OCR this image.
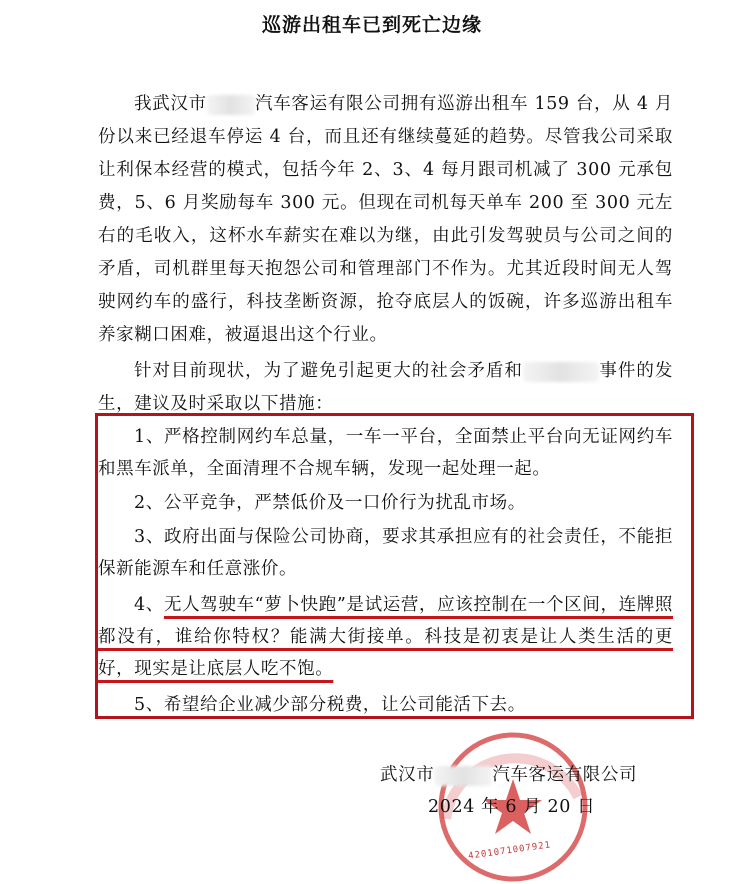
巡游出租车已到死亡边缘
我武汉市	汽车客运有限公司拥有巡游出租车 159 台，从 4 月份以来已经退车停运 4 台，而且还有继续蔓延的趋势。尽管我公司采取让利保本经营的模式，包括今年 2、3、4 每月跟司机减了 300 元承包费，5、6 月奖励每车 300 元。但现在司机每天单车 200 至 300 元左右的毛收入，这杯水车薪实在难以为继，由此引发驾驶员与公司之间的矛盾，司机群里每天抱怨公司和管理部门不作为。尤其近段时间无人驾驶网约车的盛行，科技垄断资源，抢夺底层人的饭碗，许多巡游出租车养家糊口困难，被逼退出这个行业。
针对目前现状，为了避免引起更大的社会矛盾和	事件的发生，建议及时采取以下措施：
1、严格控制网约车总量，一车一平台，全面禁止平台向无证网约车和黑车派单，全面清理不合规车辆，发现一起处理一起。
2、公平竞争，严禁低价及一口价行为扰乱市场。
3、政府出面与保险公司协商，要求其承担应有的社会责任，不能拒保新能源车和任意涨价。
4、无人驾驶车“萝卜快跑”是试运营，应该控制在一个区间，连牌照都没有，谁给你特权？能满大街接单。科技是初衷是让人类生活的更好，现实是让底层人吃不饱。
5、希望给企业减少部分税费，让公司能活下去。
4201071007921
武汉市	汽车客运有限公司
2024 年 6 月 20 日
